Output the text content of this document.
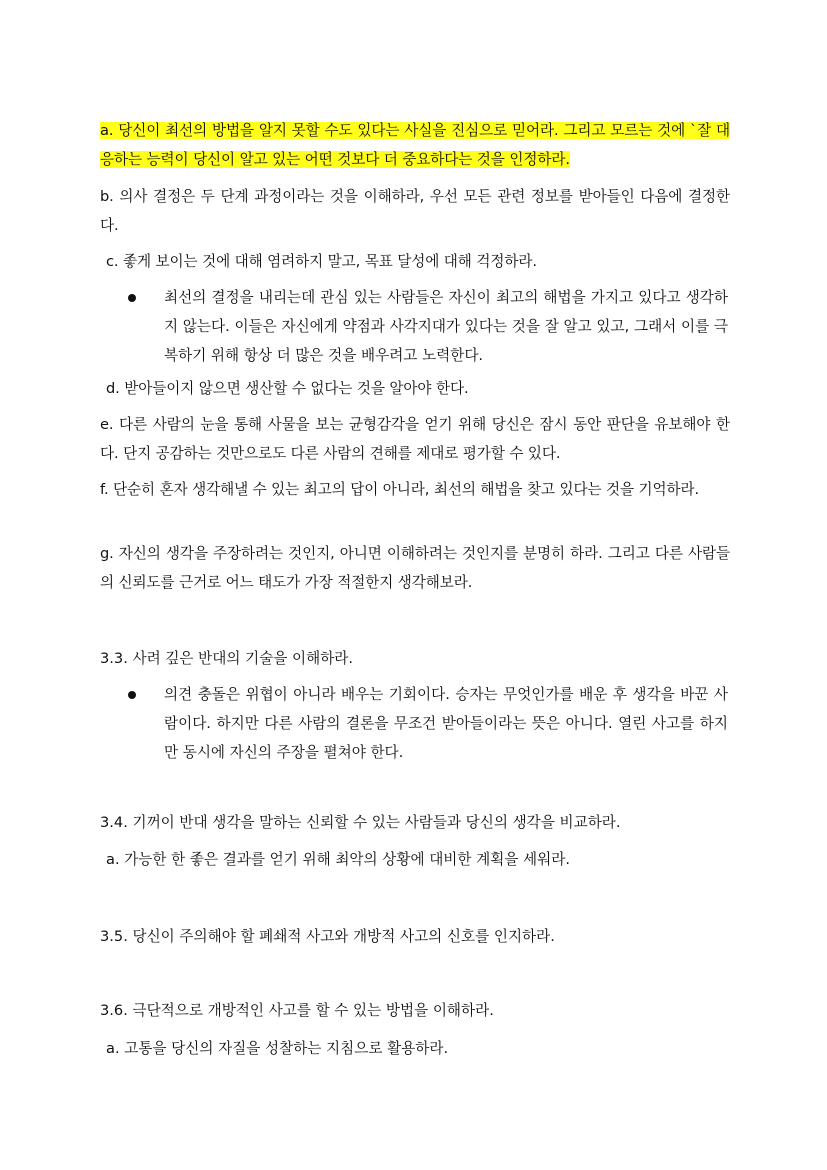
a. 당신이 최선의 방법을 알지 못할 수도 있다는 사실을 진심으로 믿어라. 그리고 모르는 것에 `잘 대응하는 능력이 당신이 알고 있는 어떤 것보다 더 중요하다는 것을 인정하라.

b. 의사 결정은 두 단계 과정이라는 것을 이해하라, 우선 모든 관련 정보를 받아들인 다음에 결정한다.

c. 좋게 보이는 것에 대해 염려하지 말고, 목표 달성에 대해 걱정하라.

최선의 결정을 내리는데 관심 있는 사람들은 자신이 최고의 해법을 가지고 있다고 생각하지 않는다. 이들은 자신에게 약점과 사각지대가 있다는 것을 잘 알고 있고, 그래서 이를 극복하기 위해 항상 더 많은 것을 배우려고 노력한다.

d. 받아들이지 않으면 생산할 수 없다는 것을 알아야 한다.

e. 다른 사람의 눈을 통해 사물을 보는 균형감각을 얻기 위해 당신은 잠시 동안 판단을 유보해야 한다. 단지 공감하는 것만으로도 다른 사람의 견해를 제대로 평가할 수 있다.

f. 단순히 혼자 생각해낼 수 있는 최고의 답이 아니라, 최선의 해법을 찾고 있다는 것을 기억하라.

g. 자신의 생각을 주장하려는 것인지, 아니면 이해하려는 것인지를 분명히 하라. 그리고 다른 사람들의 신뢰도를 근거로 어느 태도가 가장 적절한지 생각해보라.

3.3. 사려 깊은 반대의 기술을 이해하라.

의견 충돌은 위협이 아니라 배우는 기회이다. 승자는 무엇인가를 배운 후 생각을 바꾼 사람이다. 하지만 다른 사람의 결론을 무조건 받아들이라는 뜻은 아니다. 열린 사고를 하지만 동시에 자신의 주장을 펼쳐야 한다.

3.4. 기꺼이 반대 생각을 말하는 신뢰할 수 있는 사람들과 당신의 생각을 비교하라.

a. 가능한 한 좋은 결과를 얻기 위해 최악의 상황에 대비한 계획을 세워라.

3.5. 당신이 주의해야 할 폐쇄적 사고와 개방적 사고의 신호를 인지하라.

3.6. 극단적으로 개방적인 사고를 할 수 있는 방법을 이해하라.

a. 고통을 당신의 자질을 성찰하는 지침으로 활용하라.
